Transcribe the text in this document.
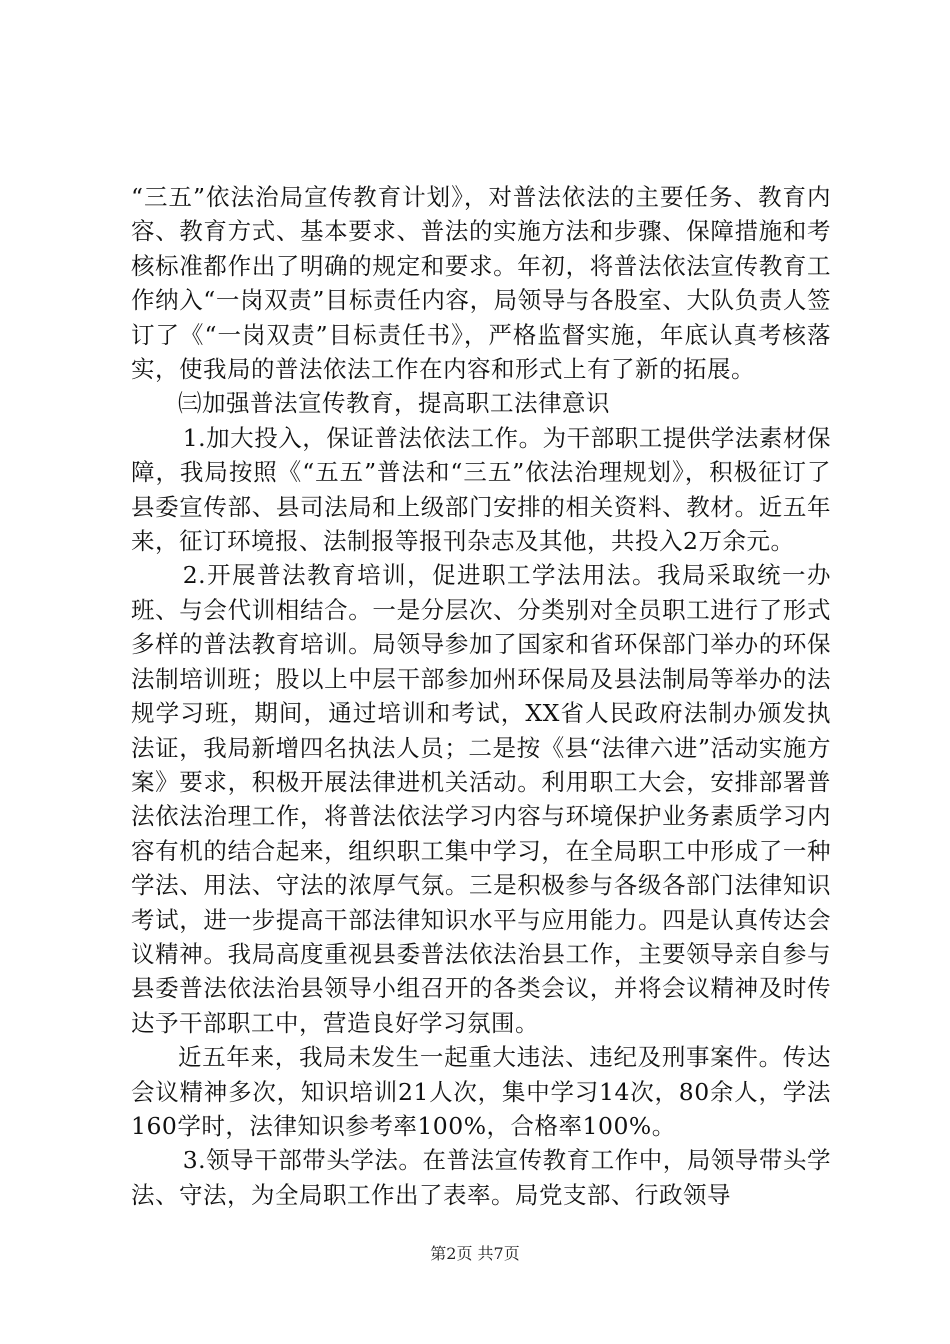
“三五”依法治局宣传教育计划》，对普法依法的主要任务、教育内容、教育方式、基本要求、普法的实施方法和步骤、保障措施和考核标准都作出了明确的规定和要求。年初，将普法依法宣传教育工作纳入“一岗双责”目标责任内容，局领导与各股室、大队负责人签订了《“一岗双责”目标责任书》，严格监督实施，年底认真考核落实，使我局的普法依法工作在内容和形式上有了新的拓展。

㈢加强普法宣传教育，提高职工法律意识

1.加大投入，保证普法依法工作。为干部职工提供学法素材保障，我局按照《“五五”普法和“三五”依法治理规划》，积极征订了县委宣传部、县司法局和上级部门安排的相关资料、教材。近五年来，征订环境报、法制报等报刊杂志及其他，共投入2万余元。

2.开展普法教育培训，促进职工学法用法。我局采取统一办班、与会代训相结合。一是分层次、分类别对全员职工进行了形式多样的普法教育培训。局领导参加了国家和省环保部门举办的环保法制培训班；股以上中层干部参加州环保局及县法制局等举办的法规学习班，期间，通过培训和考试，XX省人民政府法制办颁发执法证，我局新增四名执法人员；二是按《县“法律六进”活动实施方案》要求，积极开展法律进机关活动。利用职工大会，安排部署普法依法治理工作，将普法依法学习内容与环境保护业务素质学习内容有机的结合起来，组织职工集中学习，在全局职工中形成了一种学法、用法、守法的浓厚气氛。三是积极参与各级各部门法律知识考试，进一步提高干部法律知识水平与应用能力。四是认真传达会议精神。我局高度重视县委普法依法治县工作，主要领导亲自参与县委普法依法治县领导小组召开的各类会议，并将会议精神及时传达予干部职工中，营造良好学习氛围。

近五年来，我局未发生一起重大违法、违纪及刑事案件。传达会议精神多次，知识培训21人次，集中学习14次，80余人，学法160学时，法律知识参考率100%，合格率100%。

3.领导干部带头学法。在普法宣传教育工作中，局领导带头学法、守法，为全局职工作出了表率。局党支部、行政领导

第2页 共7页
